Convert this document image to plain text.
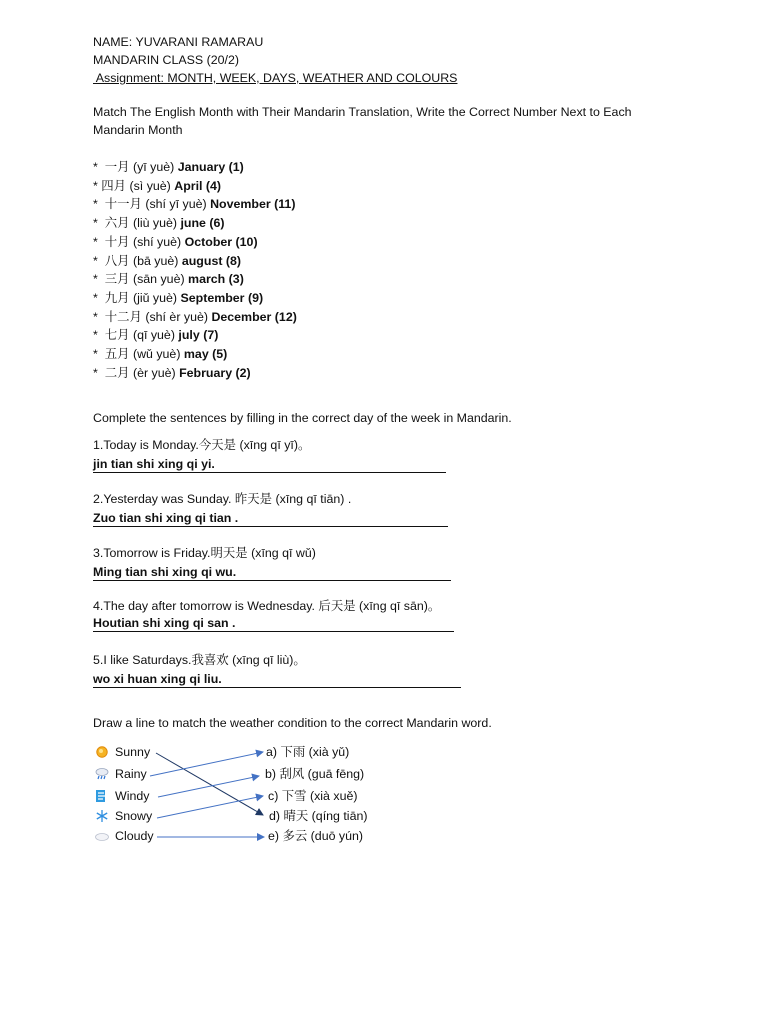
NAME: YUVARANI RAMARAU
MANDARIN CLASS (20/2)
Assignment: MONTH, WEEK, DAYS, WEATHER AND COLOURS
Match The English Month with Their Mandarin Translation, Write the Correct Number Next to Each
Mandarin Month
*  一月 (yī yuè) January (1)
* 四月 (sì yuè) April (4)
*  十一月 (shí yī yuè) November (11)
*  六月 (liù yuè) june (6)
*  十月 (shí yuè) October (10)
*  八月 (bā yuè) august (8)
*  三月 (sān yuè) march (3)
*  九月 (jiǔ yuè) September (9)
*  十二月 (shí èr yuè) December (12)
*  七月 (qī yuè) july (7)
*  五月 (wǔ yuè) may (5)
*  二月 (èr yuè) February (2)
Complete the sentences by filling in the correct day of the week in Mandarin.
1.Today is Monday.今天是 (xīng qī yī)。
jin tian shi xing qi yi.
2.Yesterday was Sunday. 昨天是 (xīng qī tiān) .
Zuo tian shi xing qi tian .
3.Tomorrow is Friday.明天是 (xīng qī wǔ)
Ming tian shi xing qi wu.
4.The day after tomorrow is Wednesday. 后天是 (xīng qī sān)。
Houtian shi xing qi san .
5.I like Saturdays.我喜欢 (xīng qī liù)。
wo xi huan xing qi liu.
Draw a line to match the weather condition to the correct Mandarin word.
Sunny
Rainy
Windy
Snowy
Cloudy
a) 下雨 (xià yǔ)
b) 刮风 (guā fēng)
c) 下雪 (xià xuě)
d) 晴天 (qíng tiān)
e) 多云 (duō yún)
